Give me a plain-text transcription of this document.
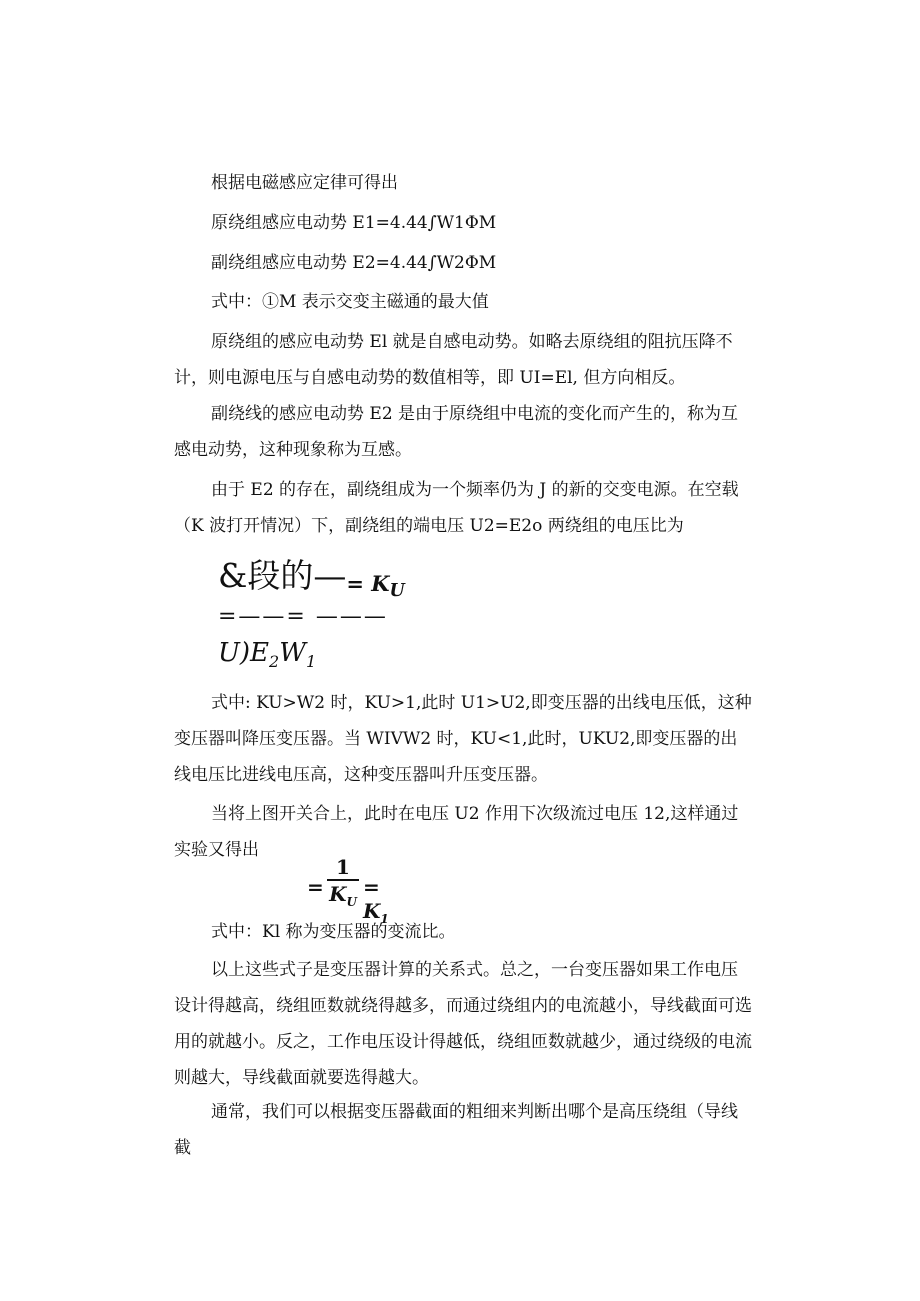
根据电磁感应定律可得出
原绕组感应电动势 E1=4.44∫W1ΦM
副绕组感应电动势 E2=4.44∫W2ΦM
式中：①M 表示交变主磁通的最大值

原绕组的感应电动势 El 就是自感电动势。如略去原绕组的阻抗压降不计，则电源电压与自感电动势的数值相等，即 UI=El, 但方向相反。

副绕线的感应电动势 E2 是由于原绕组中电流的变化而产生的，称为互感电动势，这种现象称为互感。

由于 E2 的存在，副绕组成为一个频率仍为 J 的新的交变电源。在空载（K 波打开情况）下，副绕组的端电压 U2=E2o 两绕组的电压比为

&段的—= $K_U$
=——= ———
$U)E_2W_1$

式中: KU>W2 时，KU>1,此时 U1>U2,即变压器的出线电压低，这种变压器叫降压变压器。当 WIVW2 时，KU<1,此时，UKU2,即变压器的出线电压比进线电压高，这种变压器叫升压变压器。

当将上图开关合上，此时在电压 U2 作用下次级流过电压 12,这样通过实验又得出

= $\frac{1}{K_U} = K_1$
式中：Kl 称为变压器的变流比。

以上这些式子是变压器计算的关系式。总之，一台变压器如果工作电压设计得越高，绕组匝数就绕得越多，而通过绕组内的电流越小，导线截面可选用的就越小。反之，工作电压设计得越低，绕组匝数就越少，通过绕级的电流则越大，导线截面就要选得越大。

通常，我们可以根据变压器截面的粗细来判断出哪个是高压绕组（导线截
